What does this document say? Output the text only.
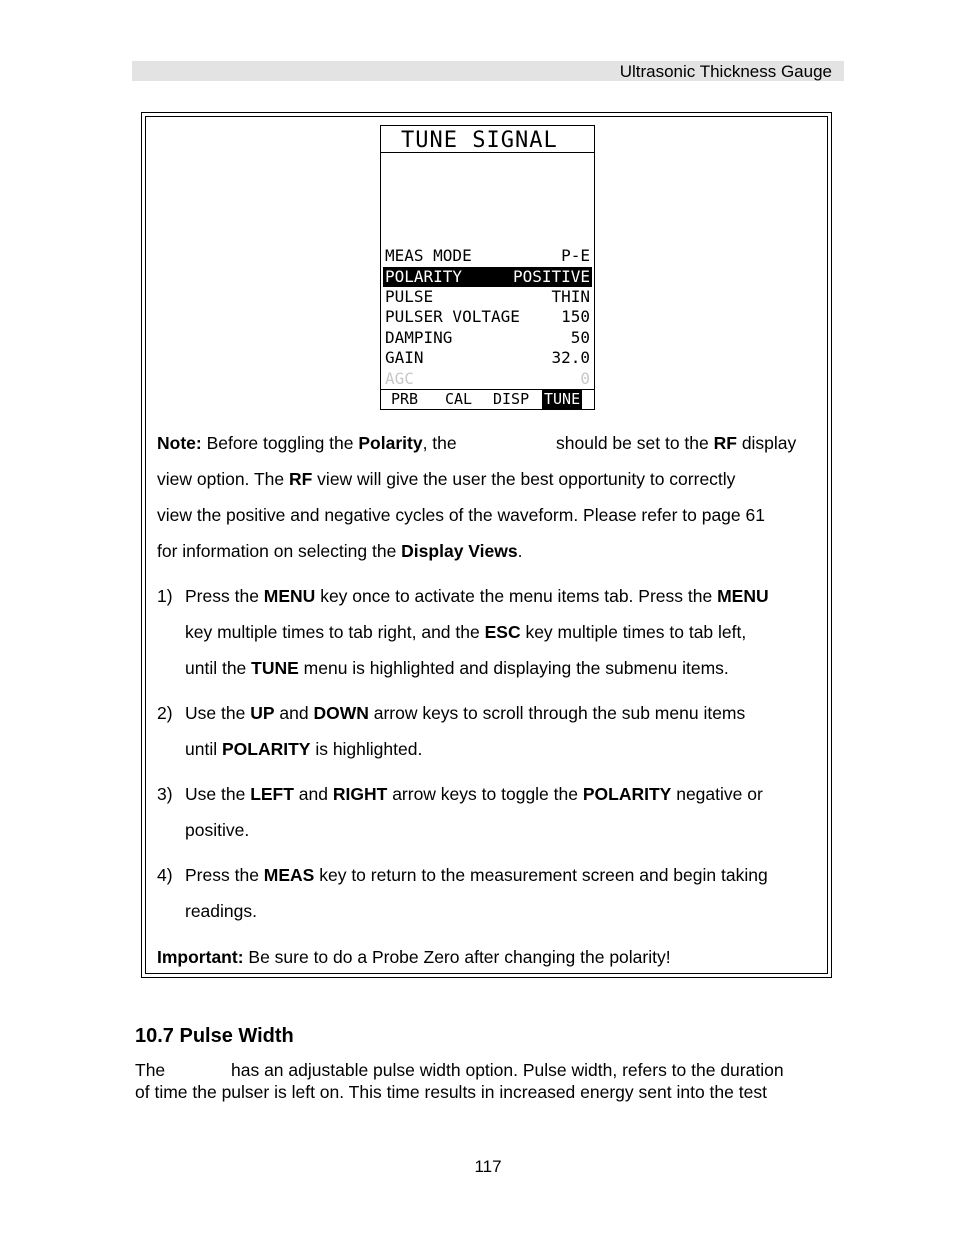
Ultrasonic Thickness Gauge
TUNE SIGNAL
MEAS MODE	P-E
POLARITY	POSITIVE
PULSE	THIN
PULSER VOLTAGE	150
DAMPING	50
GAIN	32.0
AGC	0
PRB CAL DISP TUNE
Note: Before toggling the Polarity, the	should be set to the RF display
view option. The RF view will give the user the best opportunity to correctly
view the positive and negative cycles of the waveform. Please refer to page 61
for information on selecting the Display Views.
1) Press the MENU key once to activate the menu items tab. Press the MENU
key multiple times to tab right, and the ESC key multiple times to tab left,
until the TUNE menu is highlighted and displaying the submenu items.
2) Use the UP and DOWN arrow keys to scroll through the sub menu items
until POLARITY is highlighted.
3) Use the LEFT and RIGHT arrow keys to toggle the POLARITY negative or
positive.
4) Press the MEAS key to return to the measurement screen and begin taking
readings.
Important: Be sure to do a Probe Zero after changing the polarity!
10.7 Pulse Width
The	has an adjustable pulse width option. Pulse width, refers to the duration
of time the pulser is left on. This time results in increased energy sent into the test
117
